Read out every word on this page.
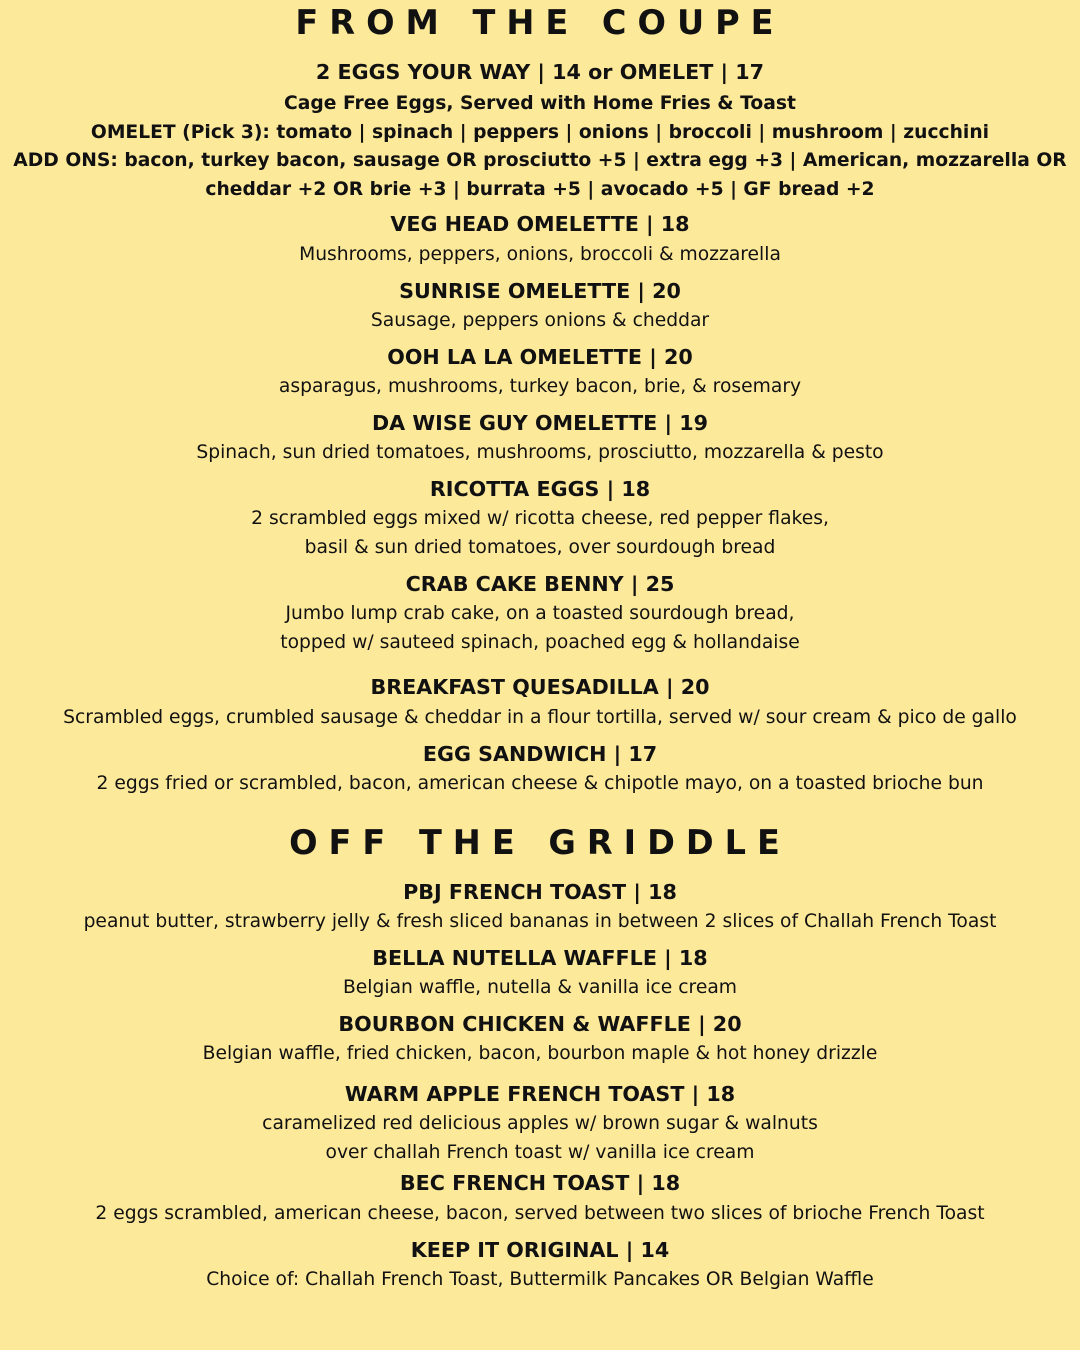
FROM THE COUPE
2 EGGS YOUR WAY | 14 or OMELET | 17
Cage Free Eggs, Served with Home Fries & Toast
OMELET (Pick 3): tomato | spinach | peppers | onions | broccoli | mushroom | zucchini
ADD ONS: bacon, turkey bacon, sausage OR prosciutto +5 | extra egg +3 | American, mozzarella OR
cheddar +2 OR brie +3 | burrata +5 | avocado +5 | GF bread +2
VEG HEAD OMELETTE | 18
Mushrooms, peppers, onions, broccoli & mozzarella
SUNRISE OMELETTE | 20
Sausage, peppers onions & cheddar
OOH LA LA OMELETTE | 20
asparagus, mushrooms, turkey bacon, brie, & rosemary
DA WISE GUY OMELETTE | 19
Spinach, sun dried tomatoes, mushrooms, prosciutto, mozzarella & pesto
RICOTTA EGGS | 18
2 scrambled eggs mixed w/ ricotta cheese, red pepper flakes,
basil & sun dried tomatoes, over sourdough bread
CRAB CAKE BENNY | 25
Jumbo lump crab cake, on a toasted sourdough bread,
topped w/ sauteed spinach, poached egg & hollandaise
BREAKFAST QUESADILLA | 20
Scrambled eggs, crumbled sausage & cheddar in a flour tortilla, served w/ sour cream & pico de gallo
EGG SANDWICH | 17
2 eggs fried or scrambled, bacon, american cheese & chipotle mayo, on a toasted brioche bun
OFF THE GRIDDLE
PBJ FRENCH TOAST | 18
peanut butter, strawberry jelly & fresh sliced bananas in between 2 slices of Challah French Toast
BELLA NUTELLA WAFFLE | 18
Belgian waffle, nutella & vanilla ice cream
BOURBON CHICKEN & WAFFLE | 20
Belgian waffle, fried chicken, bacon, bourbon maple & hot honey drizzle
WARM APPLE FRENCH TOAST | 18
caramelized red delicious apples w/ brown sugar & walnuts
over challah French toast w/ vanilla ice cream
BEC FRENCH TOAST | 18
2 eggs scrambled, american cheese, bacon, served between two slices of brioche French Toast
KEEP IT ORIGINAL | 14
Choice of: Challah French Toast, Buttermilk Pancakes OR Belgian Waffle
